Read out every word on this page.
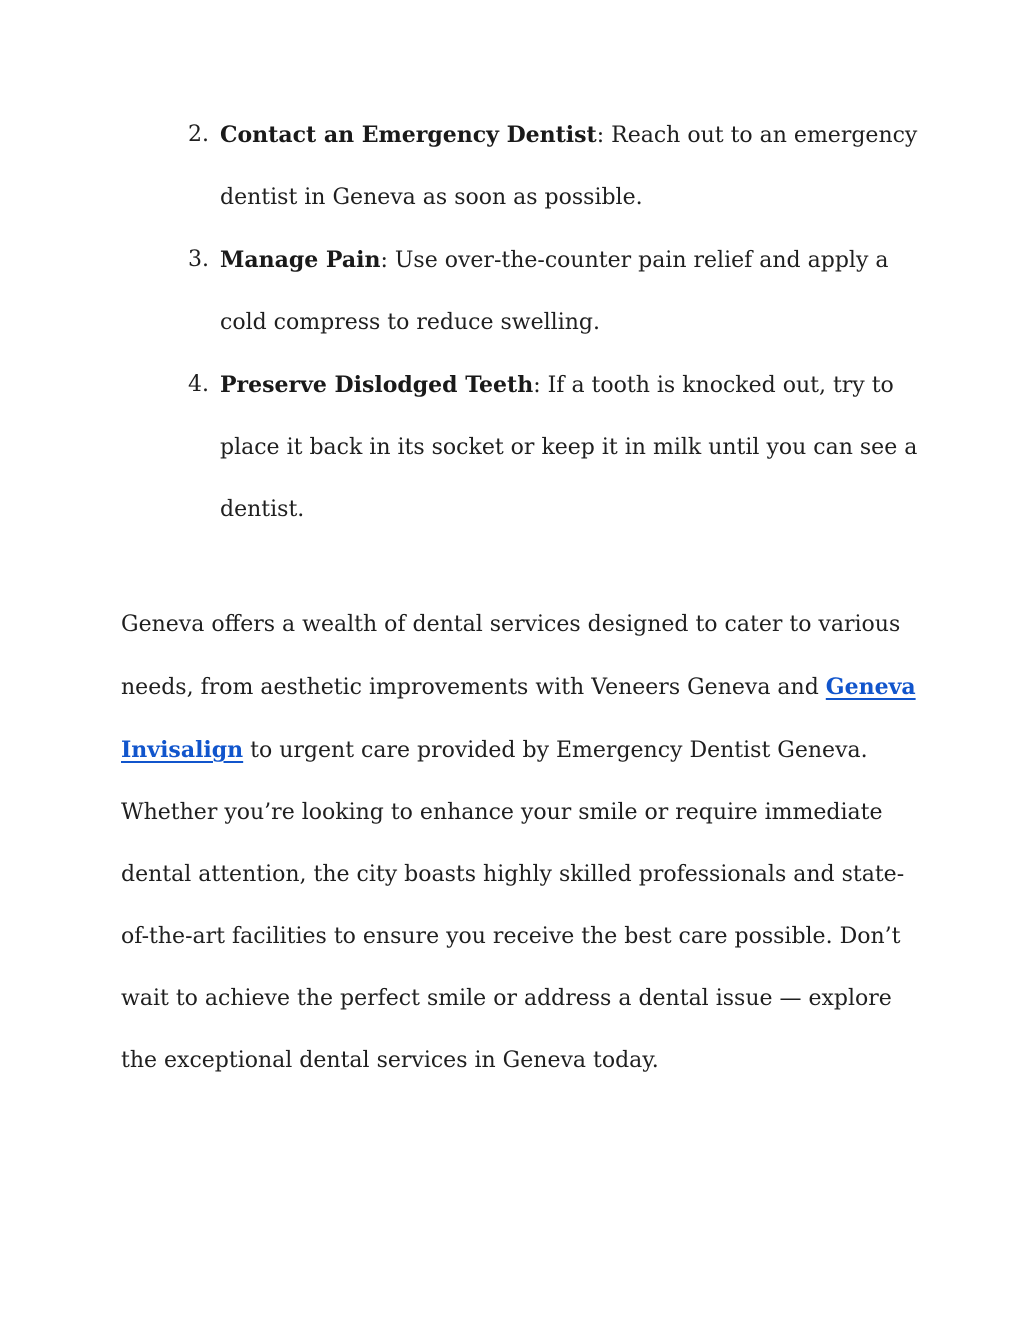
2. Contact an Emergency Dentist: Reach out to an emergency dentist in Geneva as soon as possible.
3. Manage Pain: Use over-the-counter pain relief and apply a cold compress to reduce swelling.
4. Preserve Dislodged Teeth: If a tooth is knocked out, try to place it back in its socket or keep it in milk until you can see a dentist.

Geneva offers a wealth of dental services designed to cater to various needs, from aesthetic improvements with Veneers Geneva and Geneva Invisalign to urgent care provided by Emergency Dentist Geneva. Whether you’re looking to enhance your smile or require immediate dental attention, the city boasts highly skilled professionals and state-of-the-art facilities to ensure you receive the best care possible. Don’t wait to achieve the perfect smile or address a dental issue — explore the exceptional dental services in Geneva today.
